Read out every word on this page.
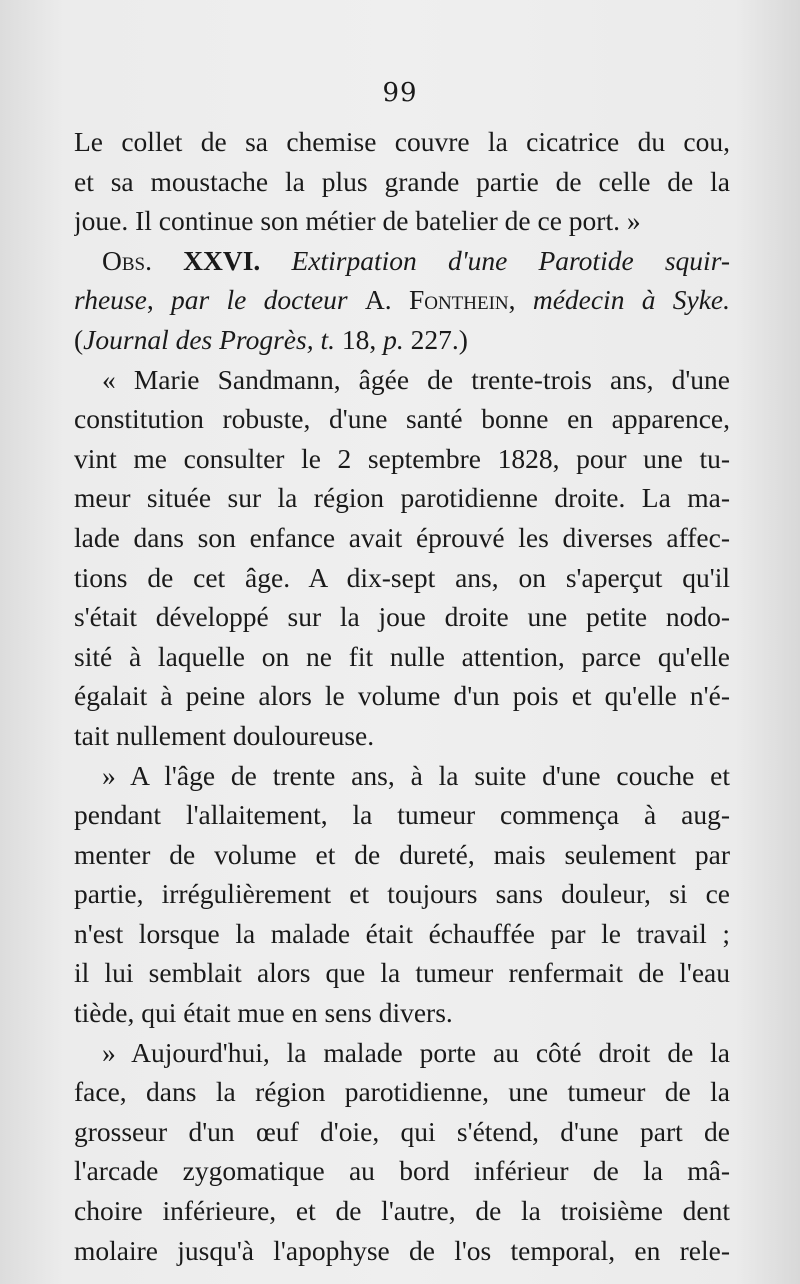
99
Le collet de sa chemise couvre la cicatrice du cou,
et sa moustache la plus grande partie de celle de la
joue. Il continue son métier de batelier de ce port. »
Obs. XXVI. Extirpation d'une Parotide squir-
rheuse, par le docteur A. Fonthein, médecin à Syke.
(Journal des Progrès, t. 18, p. 227.)
« Marie Sandmann, âgée de trente-trois ans, d'une
constitution robuste, d'une santé bonne en apparence,
vint me consulter le 2 septembre 1828, pour une tu-
meur située sur la région parotidienne droite. La ma-
lade dans son enfance avait éprouvé les diverses affec-
tions de cet âge. A dix-sept ans, on s'aperçut qu'il
s'était développé sur la joue droite une petite nodo-
sité à laquelle on ne fit nulle attention, parce qu'elle
égalait à peine alors le volume d'un pois et qu'elle n'é-
tait nullement douloureuse.
» A l'âge de trente ans, à la suite d'une couche et
pendant l'allaitement, la tumeur commença à aug-
menter de volume et de dureté, mais seulement par
partie, irrégulièrement et toujours sans douleur, si ce
n'est lorsque la malade était échauffée par le travail ;
il lui semblait alors que la tumeur renfermait de l'eau
tiède, qui était mue en sens divers.
» Aujourd'hui, la malade porte au côté droit de la
face, dans la région parotidienne, une tumeur de la
grosseur d'un œuf d'oie, qui s'étend, d'une part de
l'arcade zygomatique au bord inférieur de la mâ-
choire inférieure, et de l'autre, de la troisième dent
molaire jusqu'à l'apophyse de l'os temporal, en rele-
